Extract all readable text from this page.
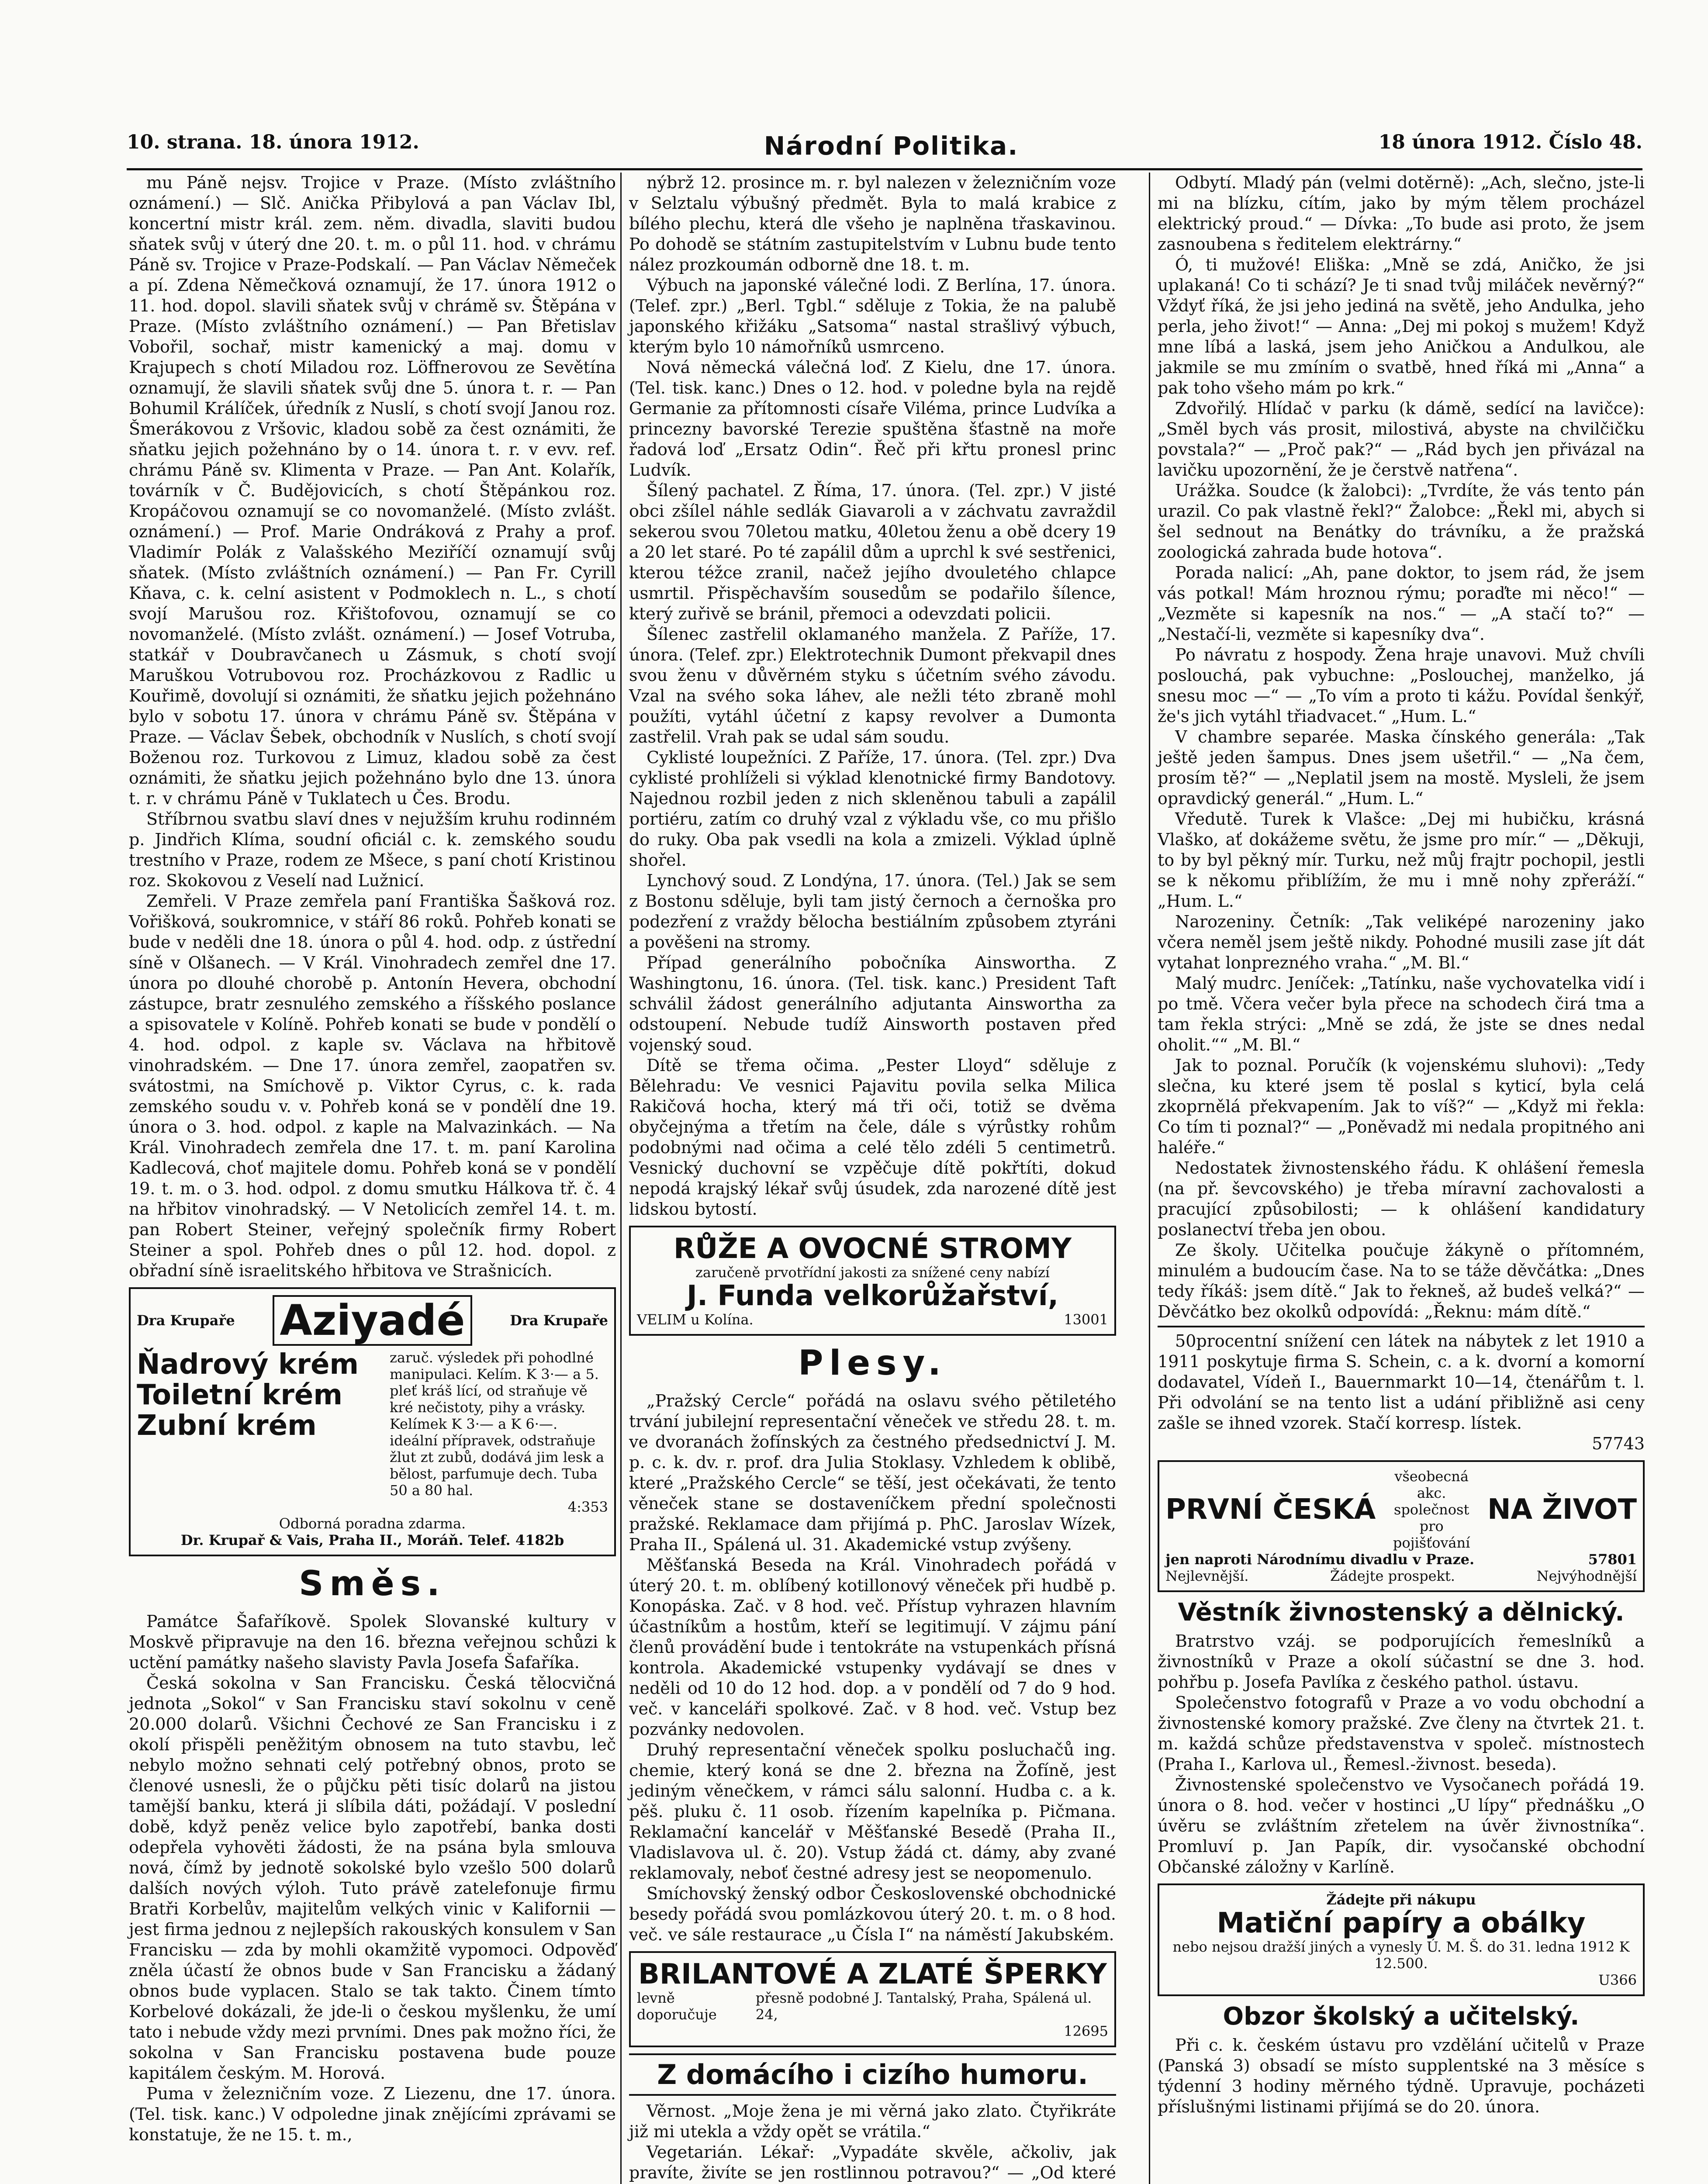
10. strana. 18. února 1912.	Národní Politika.	18 února 1912. Číslo 48.

mu Páně nejsv. Trojice v Praze. (Místo zvláštního oznámení.) — Slč. Anička Přibylová a pan Václav Ibl, koncertní mistr král. zem. něm. divadla, slaviti budou sňatek svůj v úterý dne 20. t. m. o půl 11. hod. v chrámu Páně sv. Trojice v Praze-Podskalí. — Pan Václav Němeček a pí. Zdena Němečková oznamují, že 17. února 1912 o 11. hod. dopol. slavili sňatek svůj v chrámě sv. Štěpána v Praze. (Místo zvláštního oznámení.) — Pan Břetislav Vobořil, sochař, mistr kamenický a maj. domu v Krajupech s chotí Miladou roz. Löffnerovou ze Sevětína oznamují, že slavili sňatek svůj dne 5. února t. r. — Pan Bohumil Králíček, úředník z Nuslí, s chotí svojí Janou roz. Šmerákovou z Vršovic, kladou sobě za čest oznámiti, že sňatku jejich požehnáno by o 14. února t. r. v evv. ref. chrámu Páně sv. Klimenta v Praze. — Pan Ant. Kolařík, továrník v Č. Budějovicích, s chotí Štěpánkou roz. Kropáčovou oznamují se co novomanželé. (Místo zvlášt. oznámení.) — Prof. Marie Ondráková z Prahy a prof. Vladimír Polák z Valašského Meziříčí oznamují svůj sňatek. (Místo zvláštních oznámení.) — Pan Fr. Cyrill Kňava, c. k. celní asistent v Podmoklech n. L., s chotí svojí Marušou roz. Křištofovou, oznamují se co novomanželé. (Místo zvlášt. oznámení.) — Josef Votruba, statkář v Doubravčanech u Zásmuk, s chotí svojí Maruškou Votrubovou roz. Procházkovou z Radlic u Kouřimě, dovolují si oznámiti, že sňatku jejich požehnáno bylo v sobotu 17. února v chrámu Páně sv. Štěpána v Praze. — Václav Šebek, obchodník v Nuslích, s chotí svojí Boženou roz. Turkovou z Limuz, kladou sobě za čest oznámiti, že sňatku jejich požehnáno bylo dne 13. února t. r. v chrámu Páně v Tuklatech u Čes. Brodu.

Stříbrnou svatbu slaví dnes v nejužším kruhu rodinném p. Jindřich Klíma, soudní oficiál c. k. zemského soudu trestního v Praze, rodem ze Mšece, s paní chotí Kristinou roz. Skokovou z Veselí nad Lužnicí.

Zemřeli. V Praze zemřela paní Františka Šašková roz. Vořišková, soukromnice, v stáří 86 roků. Pohřeb konati se bude v neděli dne 18. února o půl 4. hod. odp. z ústřední síně v Olšanech. — V Král. Vinohradech zemřel dne 17. února po dlouhé chorobě p. Antonín Hevera, obchodní zástupce, bratr zesnulého zemského a říšského poslance a spisovatele v Kolíně. Pohřeb konati se bude v pondělí o 4. hod. odpol. z kaple sv. Václava na hřbitově vinohradském. — Dne 17. února zemřel, zaopatřen sv. svátostmi, na Smíchově p. Viktor Cyrus, c. k. rada zemského soudu v. v. Pohřeb koná se v pondělí dne 19. února o 3. hod. odpol. z kaple na Malvazinkách. — Na Král. Vinohradech zemřela dne 17. t. m. paní Karolina Kadlecová, choť majitele domu. Pohřeb koná se v pondělí 19. t. m. o 3. hod. odpol. z domu smutku Hálkova tř. č. 4 na hřbitov vinohradský. — V Netolicích zemřel 14. t. m. pan Robert Steiner, veřejný společník firmy Robert Steiner a spol. Pohřeb dnes o půl 12. hod. dopol. z obřadní síně israelitského hřbitova ve Strašnicích.

Dra Krupaře Aziyadé	Dra Krupaře
Ňadrový krém
Toiletní krém
Zubní krém
zaruč. výsledek při pohodlné manipulaci. Kelím. K 3·— a 5.
pleť kráš lící, od straňuje vě kré nečistoty, pihy a vrásky. Kelímek K 3·— a K 6·—.
ideální přípravek, odstraňuje žlut zt zubů, dodává jim lesk a bělost, parfumuje dech. Tuba 50 a 80 hal.
4:353
Odborná poradna zdarma.
Dr. Krupař & Vais, Praha II., Moráň. Telef. 4182b
Směs.

Památce Šafaříkově. Spolek Slovanské kultury v Moskvě připravuje na den 16. března veřejnou schůzi k uctění památky našeho slavisty Pavla Josefa Šafaříka.

Česká sokolna v San Francisku. Česká tělocvičná jednota „Sokol“ v San Francisku staví sokolnu v ceně 20.000 dolarů. Všichni Čechové ze San Francisku i z okolí přispěli peněžitým obnosem na tuto stavbu, leč nebylo možno sehnati celý potřebný obnos, proto se členové usnesli, že o půjčku pěti tisíc dolarů na jistou tamější banku, která ji slíbila dáti, požádají. V poslední době, když peněz velice bylo zapotřebí, banka dosti odepřela vyhověti žádosti, že na psána byla smlouva nová, čímž by jednotě sokolské bylo vzešlo 500 dolarů dalších nových výloh. Tuto právě zatelefonuje firmu Bratři Korbelův, majitelům velkých vinic v Kalifornii — jest firma jednou z nejlepších rakouských konsulem v San Francisku — zda by mohli okamžitě vypomoci. Odpověď zněla účastí že obnos bude v San Francisku a žádaný obnos bude vyplacen. Stalo se tak takto. Činem tímto Korbelové dokázali, že jde-li o českou myšlenku, že umí tato i nebude vždy mezi prvními. Dnes pak možno říci, že sokolna v San Francisku postavena bude pouze kapitálem českým. M. Horová.

Puma v železničním voze. Z Liezenu, dne 17. února. (Tel. tisk. kanc.) V odpoledne jinak znějícími zprávami se konstatuje, že ne 15. t. m.,

nýbrž 12. prosince m. r. byl nalezen v železničním voze v Selztalu výbušný předmět. Byla to malá krabice z bílého plechu, která dle všeho je naplněna třaskavinou. Po dohodě se státním zastupitelstvím v Lubnu bude tento nález prozkoumán odborně dne 18. t. m.

Výbuch na japonské válečné lodi. Z Berlína, 17. února. (Telef. zpr.) „Berl. Tgbl.“ sděluje z Tokia, že na palubě japonského křižáku „Satsoma“ nastal strašlivý výbuch, kterým bylo 10 námořníků usmrceno.

Nová německá válečná loď. Z Kielu, dne 17. února. (Tel. tisk. kanc.) Dnes o 12. hod. v poledne byla na rejdě Germanie za přítomnosti císaře Viléma, prince Ludvíka a princezny bavorské Terezie spuštěna šťastně na moře řadová loď „Ersatz Odin“. Řeč při křtu pronesl princ Ludvík.

Šílený pachatel. Z Říma, 17. února. (Tel. zpr.) V jisté obci zšílel náhle sedlák Giavaroli a v záchvatu zavraždil sekerou svou 70letou matku, 40letou ženu a obě dcery 19 a 20 let staré. Po té zapálil dům a uprchl k své sestřenici, kterou téžce zranil, načež jejího dvouletého chlapce usmrtil. Přispěchavším sousedům se podařilo šílence, který zuřivě se bránil, přemoci a odevzdati policii.

Šílenec zastřelil oklamaného manžela. Z Paříže, 17. února. (Telef. zpr.) Elektrotechnik Dumont překvapil dnes svou ženu v důvěrném styku s účetním svého závodu. Vzal na svého soka láhev, ale nežli této zbraně mohl použíti, vytáhl účetní z kapsy revolver a Dumonta zastřelil. Vrah pak se udal sám soudu.

Cyklisté loupežníci. Z Paříže, 17. února. (Tel. zpr.) Dva cyklisté prohlíželi si výklad klenotnické firmy Bandotovy. Najednou rozbil jeden z nich skleněnou tabuli a zapálil portiéru, zatím co druhý vzal z výkladu vše, co mu přišlo do ruky. Oba pak vsedli na kola a zmizeli. Výklad úplně shořel.

Lynchový soud. Z Londýna, 17. února. (Tel.) Jak se sem z Bostonu sděluje, byli tam jistý černoch a černoška pro podezření z vraždy bělocha bestiálním způsobem ztyráni a pověšeni na stromy.

Případ generálního pobočníka Ainswortha. Z Washingtonu, 16. února. (Tel. tisk. kanc.) President Taft schválil žádost generálního adjutanta Ainswortha za odstoupení. Nebude tudíž Ainsworth postaven před vojenský soud.

Dítě se třema očima. „Pester Lloyd“ sděluje z Bělehradu: Ve vesnici Pajavitu povila selka Milica Rakičová hocha, který má tři oči, totiž se dvěma obyčejnýma a třetím na čele, dále s výrůstky rohům podobnými nad očima a celé tělo zdéli 5 centimetrů. Vesnický duchovní se vzpěčuje dítě pokřtíti, dokud nepodá krajský lékař svůj úsudek, zda narozené dítě jest lidskou bytostí.

RŮŽE A OVOCNÉ STROMY
zaručeně prvotřídní jakosti za snížené ceny nabízí
J. Funda velkorůžařství,
VELIM u Kolína.	13001
Plesy.

„Pražský Cercle“ pořádá na oslavu svého pětiletého trvání jubilejní representační věneček ve středu 28. t. m. ve dvoranách žofínských za čestného předsednictví J. M. p. c. k. dv. r. prof. dra Julia Stoklasy. Vzhledem k oblibě, které „Pražského Cercle“ se těší, jest očekávati, že tento věneček stane se dostaveníčkem přední společnosti pražské. Reklamace dam přijímá p. PhC. Jaroslav Wízek, Praha II., Spálená ul. 31. Akademické vstup zvýšeny.

Měšťanská Beseda na Král. Vinohradech pořádá v úterý 20. t. m. oblíbený kotillonový věneček při hudbě p. Konopáska. Zač. v 8 hod. več. Přístup vyhrazen hlavním účastníkům a hostům, kteří se legitimují. V zájmu pání členů provádění bude i tentokráte na vstupenkách přísná kontrola. Akademické vstupenky vydávají se dnes v neděli od 10 do 12 hod. dop. a v pondělí od 7 do 9 hod. več. v kanceláři spolkové. Zač. v 8 hod. več. Vstup bez pozvánky nedovolen.

Druhý representační věneček spolku posluchačů ing. chemie, který koná se dne 2. března na Žofíně, jest jediným věnečkem, v rámci sálu salonní. Hudba c. a k. pěš. pluku č. 11 osob. řízením kapelníka p. Pičmana. Reklamační kancelář v Měšťanské Besedě (Praha II., Vladislavova ul. č. 20). Vstup žádá ct. dámy, aby zvané reklamovaly, neboť čestné adresy jest se neopomenulo.

Smíchovský ženský odbor Československé obchodnické besedy pořádá svou pomlázkovou úterý 20. t. m. o 8 hod. več. ve sále restaurace „u Čísla I“ na náměstí Jakubském.

BRILANTOVÉ A ZLATÉ ŠPERKY
levně doporučuje
přesně podobné J. Tantalský, Praha, Spálená ul. 24,
12695
Z domácího i cizího humoru.

Věrnost. „Moje žena je mi věrná jako zlato. Čtyřikráte již mi utekla a vždy opět se vrátila.“

Vegetarián. Lékař: „Vypadáte skvěle, ačkoliv, jak pravíte, živíte se jen rostlinnou potravou?“ — „Od které

Odbytí. Mladý pán (velmi dotěrně): „Ach, slečno, jste-li mi na blízku, cítím, jako by mým tělem procházel elektrický proud.“ — Dívka: „To bude asi proto, že jsem zasnoubena s ředitelem elektrárny.“

Ó, ti mužové! Eliška: „Mně se zdá, Aničko, že jsi uplakaná! Co ti schází? Je ti snad tvůj miláček nevěrný?“ Vždyť říká, že jsi jeho jediná na světě, jeho Andulka, jeho perla, jeho život!“ — Anna: „Dej mi pokoj s mužem! Když mne líbá a laská, jsem jeho Aničkou a Andulkou, ale jakmile se mu zmíním o svatbě, hned říká mi „Anna“ a pak toho všeho mám po krk.“

Zdvořilý. Hlídač v parku (k dámě, sedící na lavičce): „Směl bych vás prosit, milostivá, abyste na chvilčičku povstala?“ — „Proč pak?“ — „Rád bych jen přivázal na lavičku upozornění, že je čerstvě natřena“.

Urážka. Soudce (k žalobci): „Tvrdíte, že vás tento pán urazil. Co pak vlastně řekl?“ Žalobce: „Řekl mi, abych si šel sednout na Benátky do trávníku, a že pražská zoologická zahrada bude hotova“.

Porada nalicí: „Ah, pane doktor, to jsem rád, že jsem vás potkal! Mám hroznou rýmu; poraďte mi něco!“ — „Vezměte si kapesník na nos.“ — „A stačí to?“ — „Nestačí-li, vezměte si kapesníky dva“.

Po návratu z hospody. Žena hraje unavovi. Muž chvíli poslouchá, pak vybuchne: „Poslouchej, manželko, já snesu moc —“ — „To vím a proto ti kážu. Povídal šenkýř, že's jich vytáhl třiadvacet.“ „Hum. L.“

V chambre separée. Maska čínského generála: „Tak ještě jeden šampus. Dnes jsem ušetřil.“ — „Na čem, prosím tě?“ — „Neplatil jsem na mostě. Mysleli, že jsem opravdický generál.“ „Hum. L.“

Vředutě. Turek k Vlašce: „Dej mi hubičku, krásná Vlaško, ať dokážeme světu, že jsme pro mír.“ — „Děkuji, to by byl pěkný mír. Turku, než můj frajtr pochopil, jestli se k někomu přiblížím, že mu i mně nohy zpřeráží.“ „Hum. L.“

Narozeniny. Četník: „Tak veliképé narozeniny jako včera neměl jsem ještě nikdy. Pohodné musili zase jít dát vytahat lonprezného vraha.“ „M. Bl.“

Malý mudrc. Jeníček: „Tatínku, naše vychovatelka vidí i po tmě. Včera večer byla přece na schodech čirá tma a tam řekla strýci: „Mně se zdá, že jste se dnes nedal oholit.““ „M. Bl.“

Jak to poznal. Poručík (k vojenskému sluhovi): „Tedy slečna, ku které jsem tě poslal s kyticí, byla celá zkoprnělá překvapením. Jak to víš?“ — „Když mi řekla: Co tím ti poznal?“ — „Poněvadž mi nedala propitného ani haléře.“

Nedostatek živnostenského řádu. K ohlášení řemesla (na př. ševcovského) je třeba míravní zachovalosti a pracující způsobilosti; — k ohlášení kandidatury poslanectví třeba jen obou.

Ze školy. Učitelka poučuje žákyně o přítomném, minulém a budoucím čase. Na to se táže děvčátka: „Dnes tedy říkáš: jsem dítě.“ Jak to řekneš, až budeš velká?“ — Děvčátko bez okolků odpovídá: „Řeknu: mám dítě.“

50procentní snížení cen látek na nábytek z let 1910 a 1911 poskytuje firma S. Schein, c. a k. dvorní a komorní dodavatel, Vídeň I., Bauernmarkt 10—14, čtenářům t. l. Při odvolání se na tento list a udání přibližně asi ceny zašle se ihned vzorek. Stačí korresp. lístek.

57743
PRVNÍ ČESKÁ
všeobecná akc. společnost pro pojišťování
NA ŽIVOT
jen naproti Národnímu divadlu v Praze.	57801
Nejlevnější.	Žádejte prospekt.	Nejvýhodnější
Věstník živnostenský a dělnický.

Bratrstvo vzáj. se podporujících řemeslníků a živnostníků v Praze a okolí súčastní se dne 3. hod. pohřbu p. Josefa Pavlíka z českého pathol. ústavu.

Společenstvo fotografů v Praze a vo vodu obchodní a živnostenské komory pražské. Zve členy na čtvrtek 21. t. m. každá schůze představenstva v společ. místnostech (Praha I., Karlova ul., Řemesl.-živnost. beseda).

Živnostenské společenstvo ve Vysočanech pořádá 19. února o 8. hod. večer v hostinci „U lípy“ přednášku „O úvěru se zvláštním zřetelem na úvěr živnostníka“. Promluví p. Jan Papík, dir. vysočanské obchodní Občanské záložny v Karlíně.

Žádejte při nákupu
Matiční papíry a obálky
nebo nejsou dražší jiných a vynesly Ú. M. Š. do 31. ledna 1912 K 12.500.
U366
Obzor školský a učitelský.

Při c. k. českém ústavu pro vzdělání učitelů v Praze (Panská 3) obsadí se místo supplentské na 3 měsíce s týdenní 3 hodiny měrného týdně. Upravuje, pocházeti příslušnými listinami přijímá se do 20. února.
